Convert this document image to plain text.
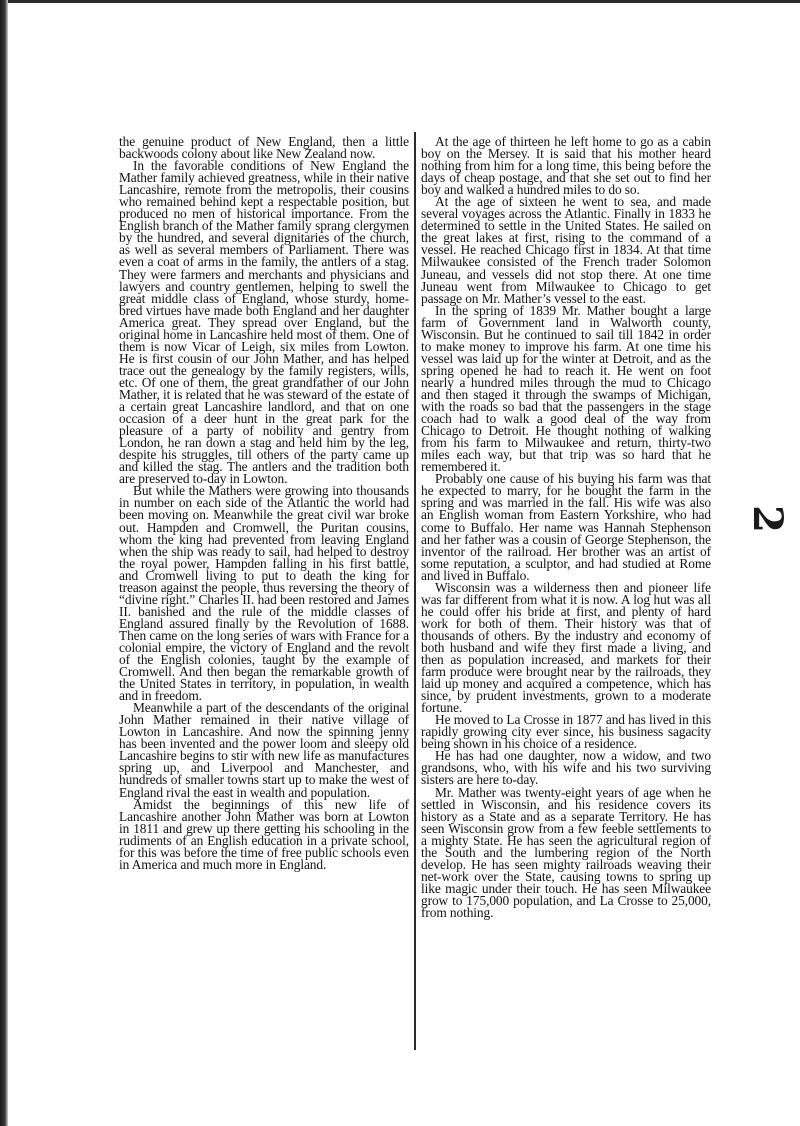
the genuine product of New England, then a little backwoods colony about like New Zealand now.

In the favorable conditions of New England the Mather family achieved greatness, while in their native Lancashire, remote from the metropolis, their cousins who remained behind kept a respectable position, but produced no men of historical importance. From the English branch of the Mather family sprang clergymen by the hundred, and several dignitaries of the church, as well as several members of Parliament. There was even a coat of arms in the family, the antlers of a stag. They were farmers and merchants and physicians and lawyers and country gentlemen, helping to swell the great middle class of England, whose sturdy, home-bred virtues have made both England and her daughter America great. They spread over England, but the original home in Lancashire held most of them. One of them is now Vicar of Leigh, six miles from Lowton. He is first cousin of our John Mather, and has helped trace out the genealogy by the family registers, wills, etc. Of one of them, the great grandfather of our John Mather, it is related that he was steward of the estate of a certain great Lancashire landlord, and that on one occasion of a deer hunt in the great park for the pleasure of a party of nobility and gentry from London, he ran down a stag and held him by the leg, despite his struggles, till others of the party came up and killed the stag. The antlers and the tradition both are preserved to-day in Lowton.

But while the Mathers were growing into thousands in number on each side of the Atlantic the world had been moving on. Meanwhile the great civil war broke out. Hampden and Cromwell, the Puritan cousins, whom the king had prevented from leaving England when the ship was ready to sail, had helped to destroy the royal power, Hampden falling in his first battle, and Cromwell living to put to death the king for treason against the people, thus reversing the theory of “divine right.” Charles II. had been restored and James II. banished and the rule of the middle classes of England assured finally by the Revolution of 1688. Then came on the long series of wars with France for a colonial empire, the victory of England and the revolt of the English colonies, taught by the example of Cromwell. And then began the remarkable growth of the United States in territory, in population, in wealth and in freedom.

Meanwhile a part of the descendants of the original John Mather remained in their native village of Lowton in Lancashire. And now the spinning jenny has been invented and the power loom and sleepy old Lancashire begins to stir with new life as manufactures spring up, and Liverpool and Manchester, and hundreds of smaller towns start up to make the west of England rival the east in wealth and population.

Amidst the beginnings of this new life of Lancashire another John Mather was born at Lowton in 1811 and grew up there getting his schooling in the rudiments of an English education in a private school, for this was before the time of free public schools even in America and much more in England.

At the age of thirteen he left home to go as a cabin boy on the Mersey. It is said that his mother heard nothing from him for a long time, this being before the days of cheap postage, and that she set out to find her boy and walked a hundred miles to do so.

At the age of sixteen he went to sea, and made several voyages across the Atlantic. Finally in 1833 he determined to settle in the United States. He sailed on the great lakes at first, rising to the command of a vessel. He reached Chicago first in 1834. At that time Milwaukee consisted of the French trader Solomon Juneau, and vessels did not stop there. At one time Juneau went from Milwaukee to Chicago to get passage on Mr. Mather’s vessel to the east.

In the spring of 1839 Mr. Mather bought a large farm of Government land in Walworth county, Wisconsin. But he continued to sail till 1842 in order to make money to improve his farm. At one time his vessel was laid up for the winter at Detroit, and as the spring opened he had to reach it. He went on foot nearly a hundred miles through the mud to Chicago and then staged it through the swamps of Michigan, with the roads so bad that the passengers in the stage coach had to walk a good deal of the way from Chicago to Detroit. He thought nothing of walking from his farm to Milwaukee and return, thirty-two miles each way, but that trip was so hard that he remembered it.

Probably one cause of his buying his farm was that he expected to marry, for he bought the farm in the spring and was married in the fall. His wife was also an English woman from Eastern Yorkshire, who had come to Buffalo. Her name was Hannah Stephenson and her father was a cousin of George Stephenson, the inventor of the railroad. Her brother was an artist of some reputation, a sculptor, and had studied at Rome and lived in Buffalo.

Wisconsin was a wilderness then and pioneer life was far different from what it is now. A log hut was all he could offer his bride at first, and plenty of hard work for both of them. Their history was that of thousands of others. By the industry and economy of both husband and wife they first made a living, and then as population increased, and markets for their farm produce were brought near by the railroads, they laid up money and acquired a competence, which has since, by prudent investments, grown to a moderate fortune.

He moved to La Crosse in 1877 and has lived in this rapidly growing city ever since, his business sagacity being shown in his choice of a residence.

He has had one daughter, now a widow, and two grandsons, who, with his wife and his two surviving sisters are here to-day.

Mr. Mather was twenty-eight years of age when he settled in Wisconsin, and his residence covers its history as a State and as a separate Territory. He has seen Wisconsin grow from a few feeble settlements to a mighty State. He has seen the agricultural region of the South and the lumbering region of the North develop. He has seen mighty railroads weaving their net-work over the State, causing towns to spring up like magic under their touch. He has seen Milwaukee grow to 175,000 population, and La Crosse to 25,000, from nothing.

2
